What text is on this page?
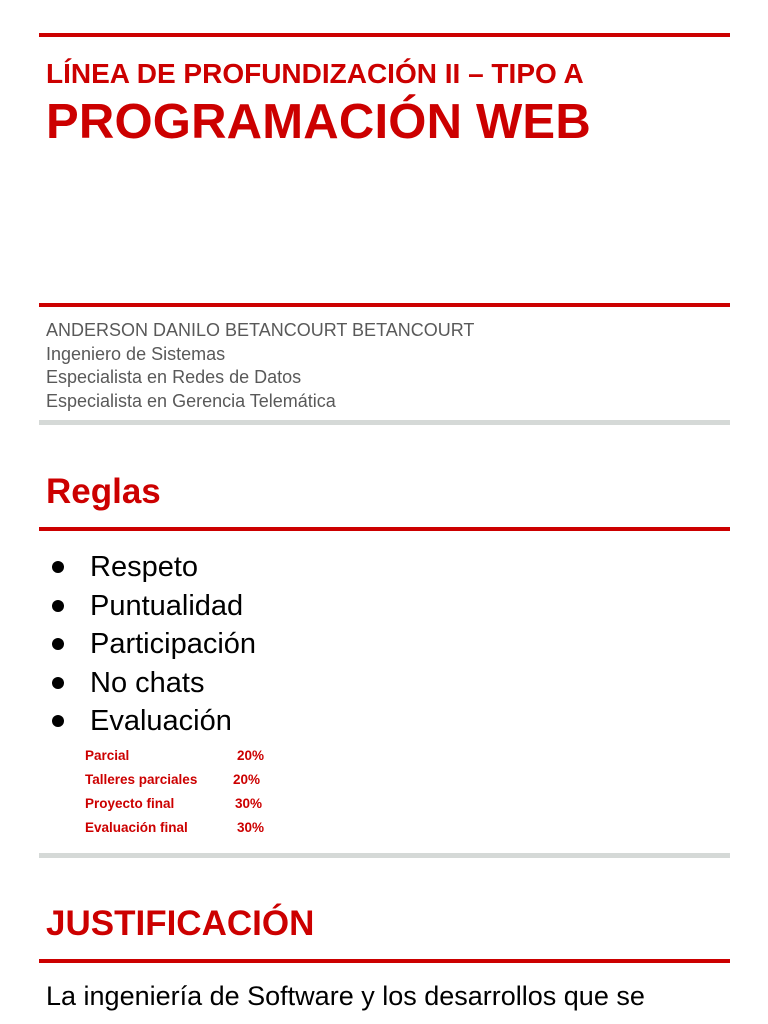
LÍNEA DE PROFUNDIZACIÓN II – TIPO A
PROGRAMACIÓN WEB
ANDERSON DANILO BETANCOURT BETANCOURT
Ingeniero de Sistemas
Especialista en Redes de Datos
Especialista en Gerencia Telemática
Reglas
Respeto
Puntualidad
Participación
No chats
Evaluación
Parcial	20%
Talleres parciales	20%
Proyecto final	30%
Evaluación final	30%
JUSTIFICACIÓN

La ingeniería de Software y los desarrollos que se
